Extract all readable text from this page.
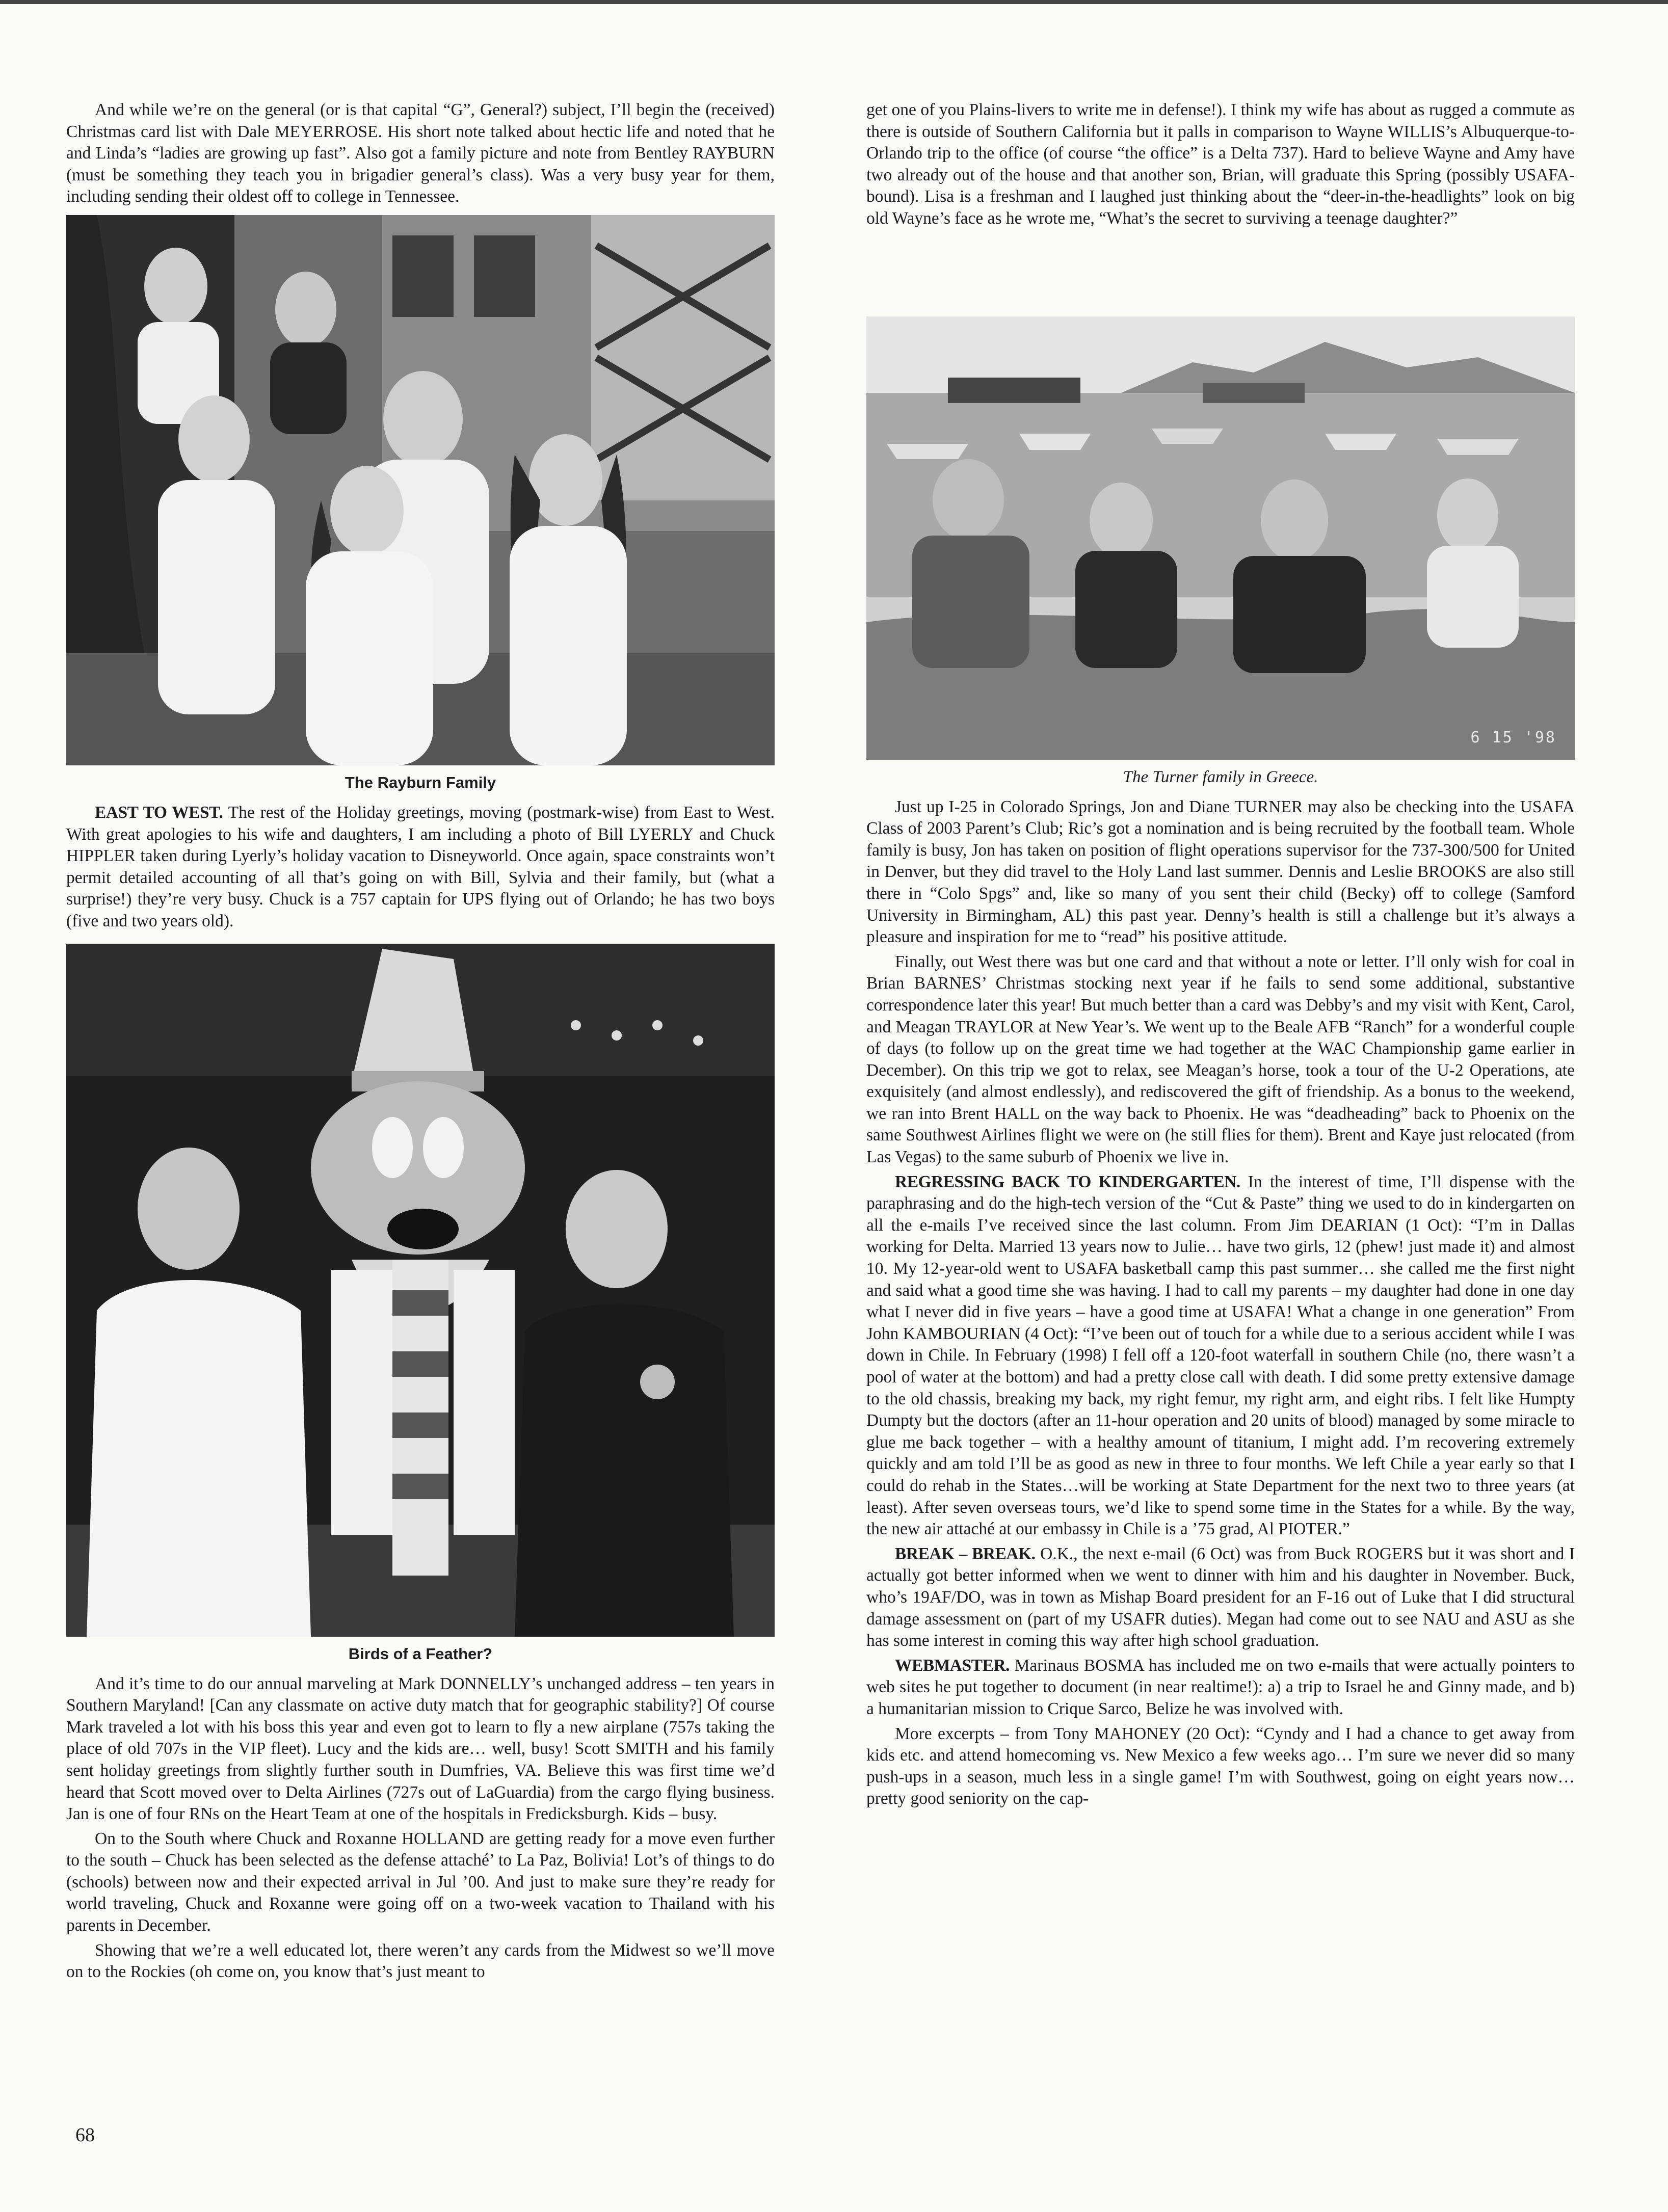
And while we’re on the general (or is that capital “G”, General?) subject, I’ll begin the (received) Christmas card list with Dale MEYERROSE. His short note talked about hectic life and noted that he and Linda’s “ladies are growing up fast”. Also got a family picture and note from Bentley RAYBURN (must be something they teach you in brigadier general’s class). Was a very busy year for them, including sending their oldest off to college in Tennessee.

The Rayburn Family

EAST TO WEST. The rest of the Holiday greetings, moving (postmark-wise) from East to West. With great apologies to his wife and daughters, I am including a photo of Bill LYERLY and Chuck HIPPLER taken during Lyerly’s holiday vacation to Disneyworld. Once again, space constraints won’t permit detailed accounting of all that’s going on with Bill, Sylvia and their family, but (what a surprise!) they’re very busy. Chuck is a 757 captain for UPS flying out of Orlando; he has two boys (five and two years old).

Birds of a Feather?

And it’s time to do our annual marveling at Mark DONNELLY’s unchanged address – ten years in Southern Maryland! [Can any classmate on active duty match that for geographic stability?] Of course Mark traveled a lot with his boss this year and even got to learn to fly a new airplane (757s taking the place of old 707s in the VIP fleet). Lucy and the kids are… well, busy! Scott SMITH and his family sent holiday greetings from slightly further south in Dumfries, VA. Believe this was first time we’d heard that Scott moved over to Delta Airlines (727s out of LaGuardia) from the cargo flying business. Jan is one of four RNs on the Heart Team at one of the hospitals in Fredicksburgh. Kids – busy.

On to the South where Chuck and Roxanne HOLLAND are getting ready for a move even further to the south – Chuck has been selected as the defense attaché’ to La Paz, Bolivia! Lot’s of things to do (schools) between now and their expected arrival in Jul ’00. And just to make sure they’re ready for world traveling, Chuck and Roxanne were going off on a two-week vacation to Thailand with his parents in December.

Showing that we’re a well educated lot, there weren’t any cards from the Midwest so we’ll move on to the Rockies (oh come on, you know that’s just meant to

get one of you Plains-livers to write me in defense!). I think my wife has about as rugged a commute as there is outside of Southern California but it palls in comparison to Wayne WILLIS’s Albuquerque-to-Orlando trip to the office (of course “the office” is a Delta 737). Hard to believe Wayne and Amy have two already out of the house and that another son, Brian, will graduate this Spring (possibly USAFA-bound). Lisa is a freshman and I laughed just thinking about the “deer-in-the-headlights” look on big old Wayne’s face as he wrote me, “What’s the secret to surviving a teenage daughter?”

6 15 '98
The Turner family in Greece.

Just up I-25 in Colorado Springs, Jon and Diane TURNER may also be checking into the USAFA Class of 2003 Parent’s Club; Ric’s got a nomination and is being recruited by the football team. Whole family is busy, Jon has taken on position of flight operations supervisor for the 737-300/500 for United in Denver, but they did travel to the Holy Land last summer. Dennis and Leslie BROOKS are also still there in “Colo Spgs” and, like so many of you sent their child (Becky) off to college (Samford University in Birmingham, AL) this past year. Denny’s health is still a challenge but it’s always a pleasure and inspiration for me to “read” his positive attitude.

Finally, out West there was but one card and that without a note or letter. I’ll only wish for coal in Brian BARNES’ Christmas stocking next year if he fails to send some additional, substantive correspondence later this year! But much better than a card was Debby’s and my visit with Kent, Carol, and Meagan TRAYLOR at New Year’s. We went up to the Beale AFB “Ranch” for a wonderful couple of days (to follow up on the great time we had together at the WAC Championship game earlier in December). On this trip we got to relax, see Meagan’s horse, took a tour of the U-2 Operations, ate exquisitely (and almost endlessly), and rediscovered the gift of friendship. As a bonus to the weekend, we ran into Brent HALL on the way back to Phoenix. He was “deadheading” back to Phoenix on the same Southwest Airlines flight we were on (he still flies for them). Brent and Kaye just relocated (from Las Vegas) to the same suburb of Phoenix we live in.

REGRESSING BACK TO KINDERGARTEN. In the interest of time, I’ll dispense with the paraphrasing and do the high-tech version of the “Cut & Paste” thing we used to do in kindergarten on all the e-mails I’ve received since the last column. From Jim DEARIAN (1 Oct): “I’m in Dallas working for Delta. Married 13 years now to Julie… have two girls, 12 (phew! just made it) and almost 10. My 12-year-old went to USAFA basketball camp this past summer… she called me the first night and said what a good time she was having. I had to call my parents – my daughter had done in one day what I never did in five years – have a good time at USAFA! What a change in one generation” From John KAMBOURIAN (4 Oct): “I’ve been out of touch for a while due to a serious accident while I was down in Chile. In February (1998) I fell off a 120-foot waterfall in southern Chile (no, there wasn’t a pool of water at the bottom) and had a pretty close call with death. I did some pretty extensive damage to the old chassis, breaking my back, my right femur, my right arm, and eight ribs. I felt like Humpty Dumpty but the doctors (after an 11-hour operation and 20 units of blood) managed by some miracle to glue me back together – with a healthy amount of titanium, I might add. I’m recovering extremely quickly and am told I’ll be as good as new in three to four months. We left Chile a year early so that I could do rehab in the States…will be working at State Department for the next two to three years (at least). After seven overseas tours, we’d like to spend some time in the States for a while. By the way, the new air attaché at our embassy in Chile is a ’75 grad, Al PIOTER.”

BREAK – BREAK. O.K., the next e-mail (6 Oct) was from Buck ROGERS but it was short and I actually got better informed when we went to dinner with him and his daughter in November. Buck, who’s 19AF/DO, was in town as Mishap Board president for an F-16 out of Luke that I did structural damage assessment on (part of my USAFR duties). Megan had come out to see NAU and ASU as she has some interest in coming this way after high school graduation.

WEBMASTER. Marinaus BOSMA has included me on two e-mails that were actually pointers to web sites he put together to document (in near realtime!): a) a trip to Israel he and Ginny made, and b) a humanitarian mission to Crique Sarco, Belize he was involved with.

More excerpts – from Tony MAHONEY (20 Oct): “Cyndy and I had a chance to get away from kids etc. and attend homecoming vs. New Mexico a few weeks ago… I’m sure we never did so many push-ups in a season, much less in a single game! I’m with Southwest, going on eight years now… pretty good seniority on the cap-

68
